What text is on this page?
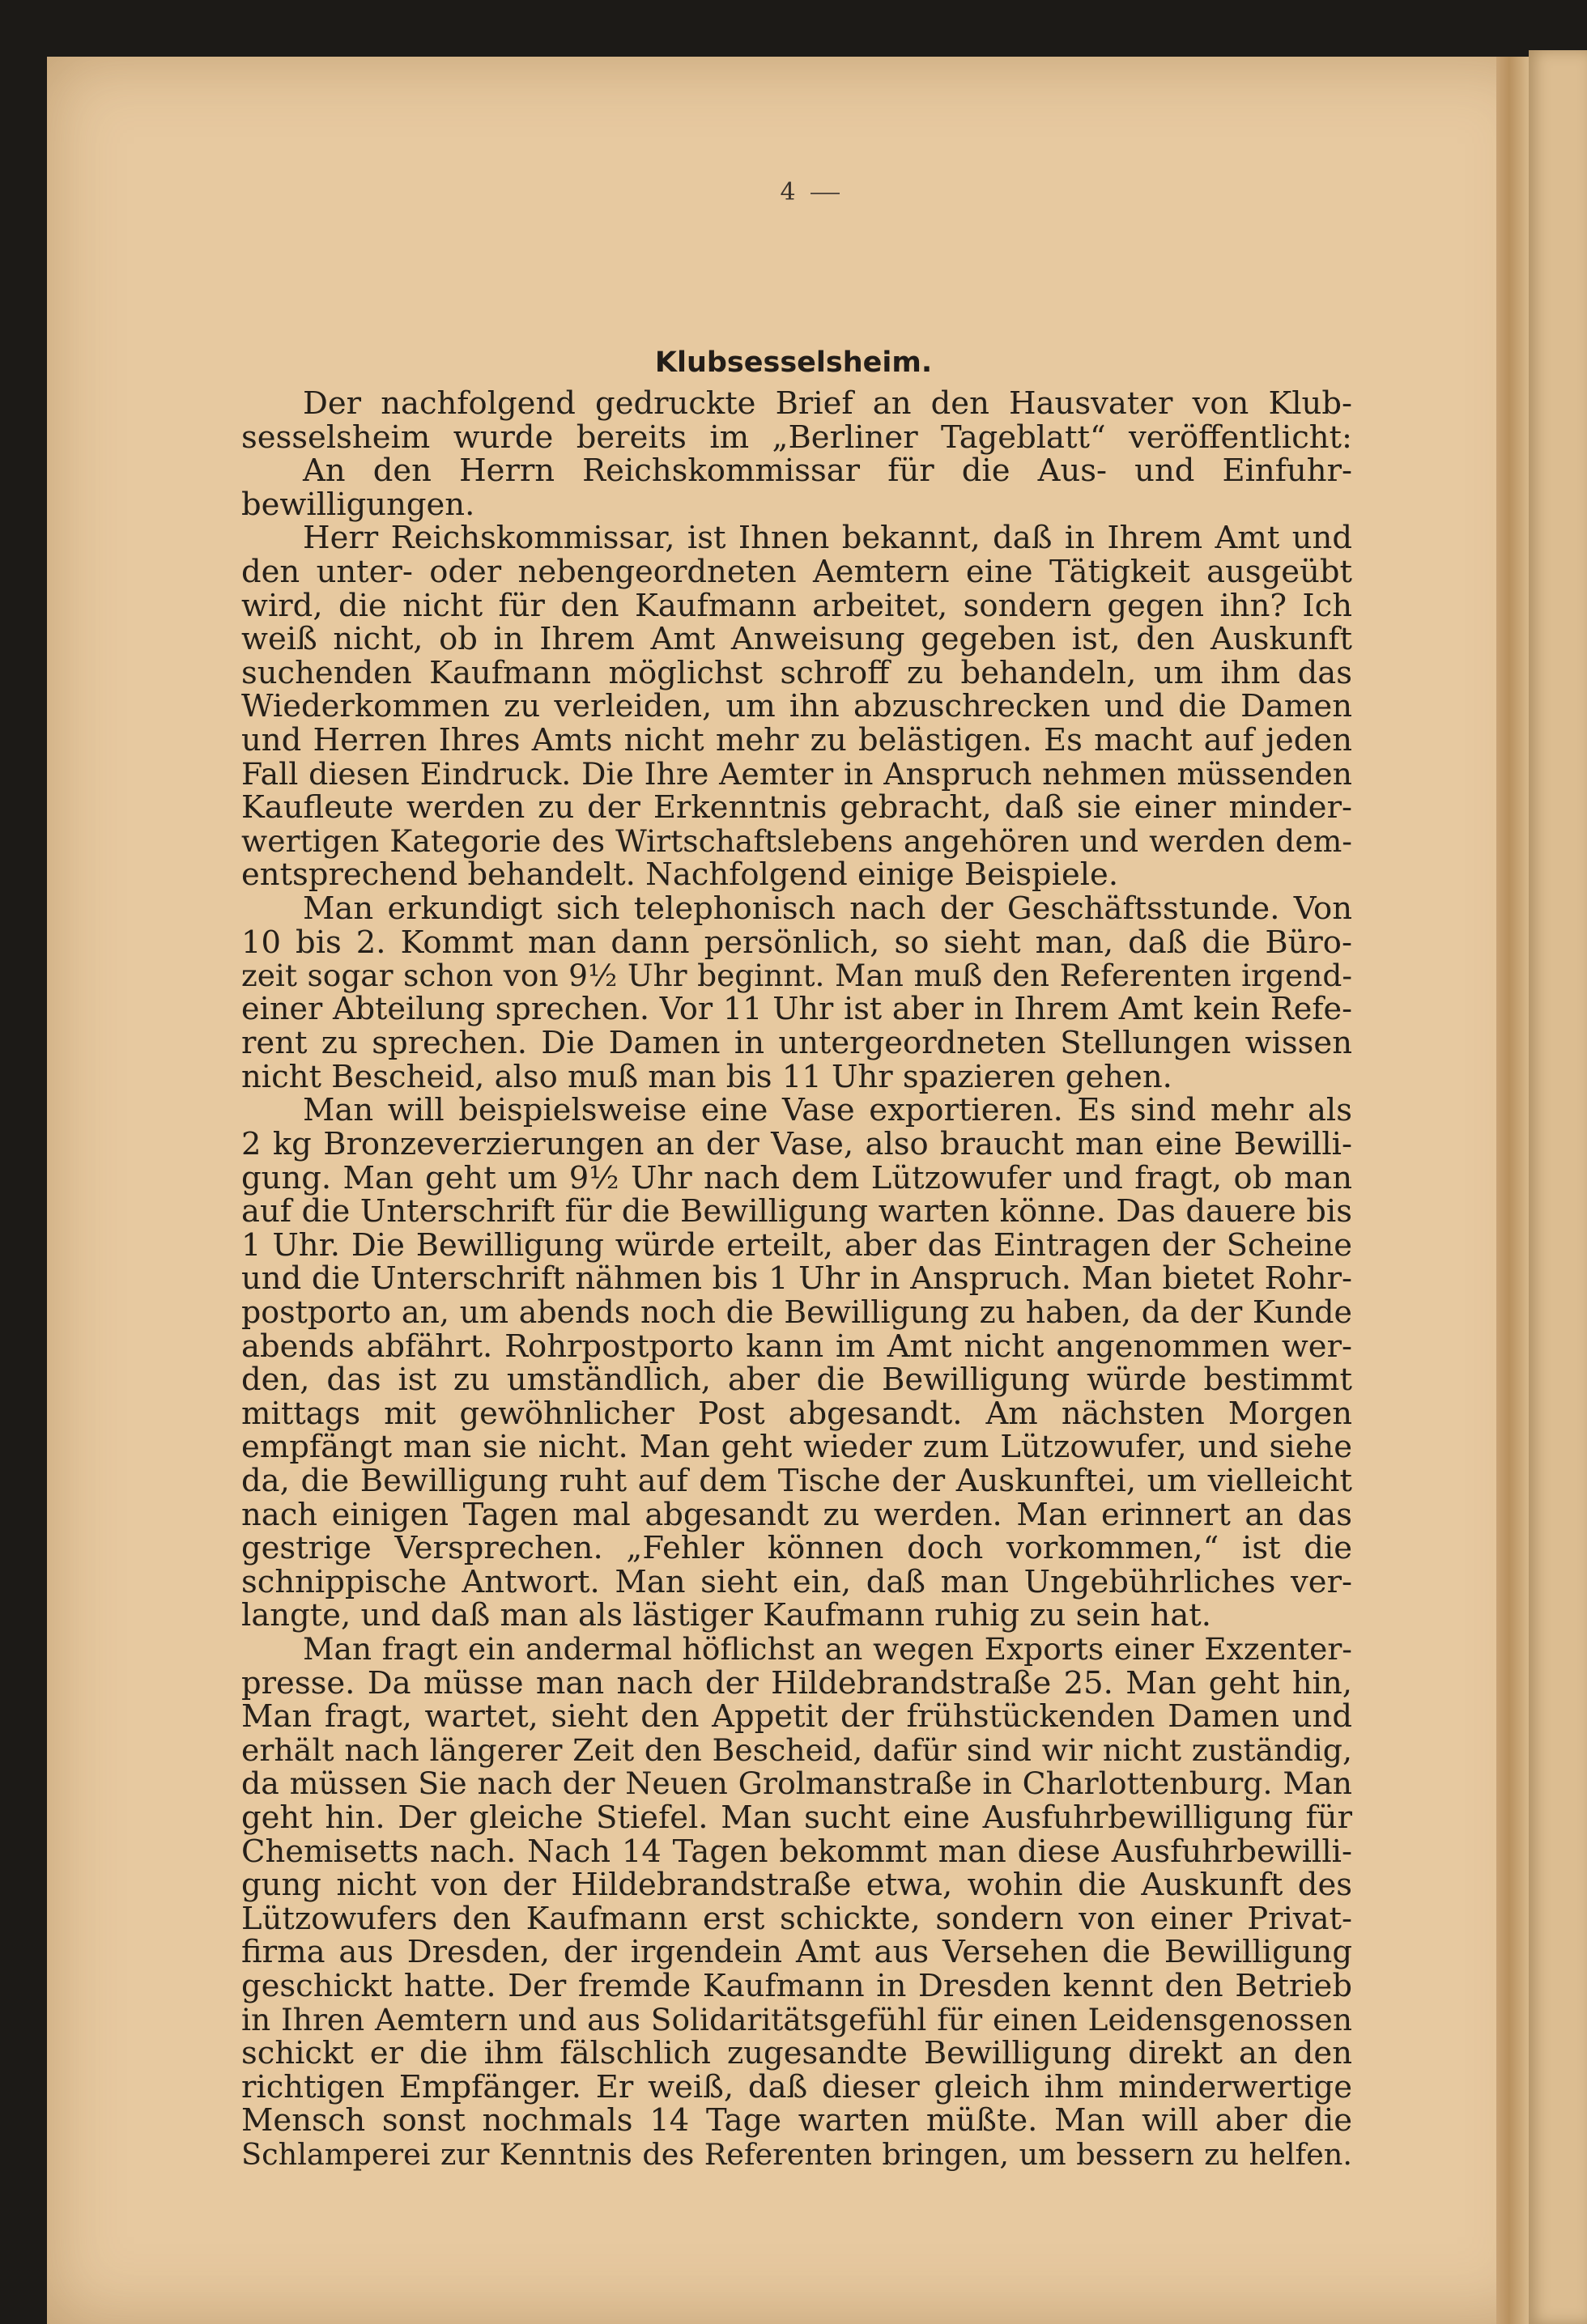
4
Klubsesselsheim.
Der nachfolgend gedruckte Brief an den Hausvater von Klub-
sesselsheim wurde bereits im „Berliner Tageblatt“ veröffentlicht:
An den Herrn Reichskommissar für die Aus- und Einfuhr-
bewilligungen.
Herr Reichskommissar, ist Ihnen bekannt, daß in Ihrem Amt und
den unter- oder nebengeordneten Aemtern eine Tätigkeit ausgeübt
wird, die nicht für den Kaufmann arbeitet, sondern gegen ihn? Ich
weiß nicht, ob in Ihrem Amt Anweisung gegeben ist, den Auskunft
suchenden Kaufmann möglichst schroff zu behandeln, um ihm das
Wiederkommen zu verleiden, um ihn abzuschrecken und die Damen
und Herren Ihres Amts nicht mehr zu belästigen. Es macht auf jeden
Fall diesen Eindruck. Die Ihre Aemter in Anspruch nehmen müssenden
Kaufleute werden zu der Erkenntnis gebracht, daß sie einer minder-
wertigen Kategorie des Wirtschaftslebens angehören und werden dem-
entsprechend behandelt. Nachfolgend einige Beispiele.
Man erkundigt sich telephonisch nach der Geschäftsstunde. Von
10 bis 2. Kommt man dann persönlich, so sieht man, daß die Büro-
zeit sogar schon von 9½ Uhr beginnt. Man muß den Referenten irgend-
einer Abteilung sprechen. Vor 11 Uhr ist aber in Ihrem Amt kein Refe-
rent zu sprechen. Die Damen in untergeordneten Stellungen wissen
nicht Bescheid, also muß man bis 11 Uhr spazieren gehen.
Man will beispielsweise eine Vase exportieren. Es sind mehr als
2 kg Bronzeverzierungen an der Vase, also braucht man eine Bewilli-
gung. Man geht um 9½ Uhr nach dem Lützowufer und fragt, ob man
auf die Unterschrift für die Bewilligung warten könne. Das dauere bis
1 Uhr. Die Bewilligung würde erteilt, aber das Eintragen der Scheine
und die Unterschrift nähmen bis 1 Uhr in Anspruch. Man bietet Rohr-
postporto an, um abends noch die Bewilligung zu haben, da der Kunde
abends abfährt. Rohrpostporto kann im Amt nicht angenommen wer-
den, das ist zu umständlich, aber die Bewilligung würde bestimmt
mittags mit gewöhnlicher Post abgesandt. Am nächsten Morgen
empfängt man sie nicht. Man geht wieder zum Lützowufer, und siehe
da, die Bewilligung ruht auf dem Tische der Auskunftei, um vielleicht
nach einigen Tagen mal abgesandt zu werden. Man erinnert an das
gestrige Versprechen. „Fehler können doch vorkommen,“ ist die
schnippische Antwort. Man sieht ein, daß man Ungebührliches ver-
langte, und daß man als lästiger Kaufmann ruhig zu sein hat.
Man fragt ein andermal höflichst an wegen Exports einer Exzenter-
presse. Da müsse man nach der Hildebrandstraße 25. Man geht hin,
Man fragt, wartet, sieht den Appetit der frühstückenden Damen und
erhält nach längerer Zeit den Bescheid, dafür sind wir nicht zuständig,
da müssen Sie nach der Neuen Grolmanstraße in Charlottenburg. Man
geht hin. Der gleiche Stiefel. Man sucht eine Ausfuhrbewilligung für
Chemisetts nach. Nach 14 Tagen bekommt man diese Ausfuhrbewilli-
gung nicht von der Hildebrandstraße etwa, wohin die Auskunft des
Lützowufers den Kaufmann erst schickte, sondern von einer Privat-
firma aus Dresden, der irgendein Amt aus Versehen die Bewilligung
geschickt hatte. Der fremde Kaufmann in Dresden kennt den Betrieb
in Ihren Aemtern und aus Solidaritätsgefühl für einen Leidensgenossen
schickt er die ihm fälschlich zugesandte Bewilligung direkt an den
richtigen Empfänger. Er weiß, daß dieser gleich ihm minderwertige
Mensch sonst nochmals 14 Tage warten müßte. Man will aber die
Schlamperei zur Kenntnis des Referenten bringen, um bessern zu helfen.
